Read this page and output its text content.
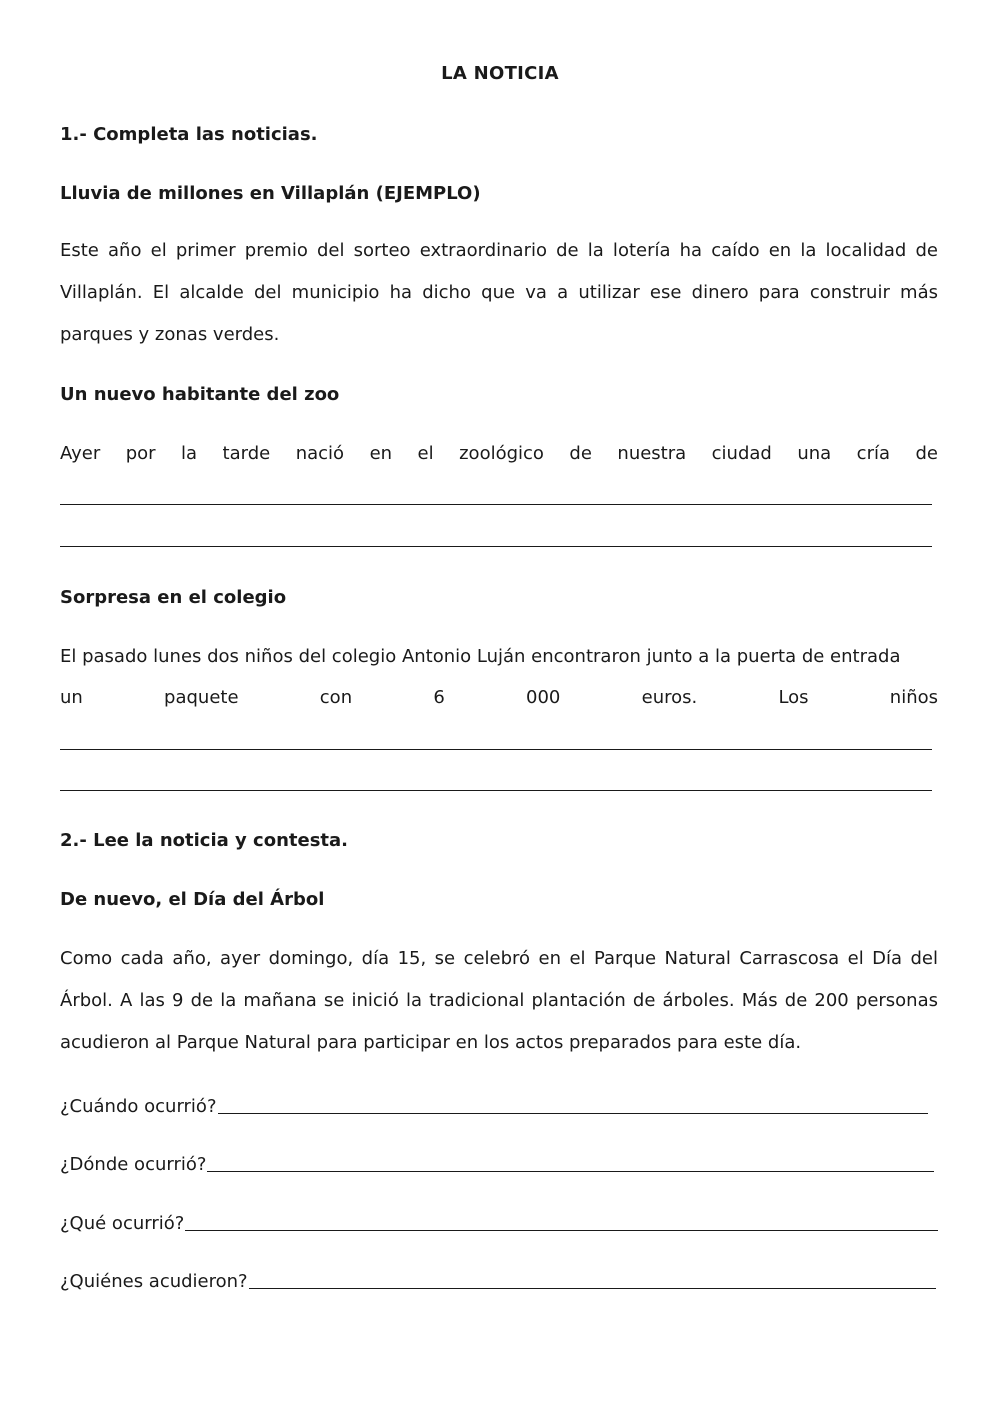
LA NOTICIA
1.- Completa las noticias.
Lluvia de millones en Villaplán (EJEMPLO)
Este año el primer premio del sorteo extraordinario de la lotería ha caído en la localidad de Villaplán. El alcalde del municipio ha dicho que va a utilizar ese dinero para construir más parques y zonas verdes.
Un nuevo habitante del zoo
Ayer por la tarde nació en el zoológico de nuestra ciudad una cría de
Sorpresa en el colegio
El pasado lunes dos niños del colegio Antonio Luján encontraron junto a la puerta de entrada
un paquete con 6 000 euros. Los niños
2.- Lee la noticia y contesta.
De nuevo, el Día del Árbol
Como cada año, ayer domingo, día 15, se celebró en el Parque Natural Carrascosa el Día del Árbol. A las 9 de la mañana se inició la tradicional plantación de árboles. Más de 200 personas acudieron al Parque Natural para participar en los actos preparados para este día.
¿Cuándo ocurrió?
¿Dónde ocurrió?
¿Qué ocurrió?
¿Quiénes acudieron?
